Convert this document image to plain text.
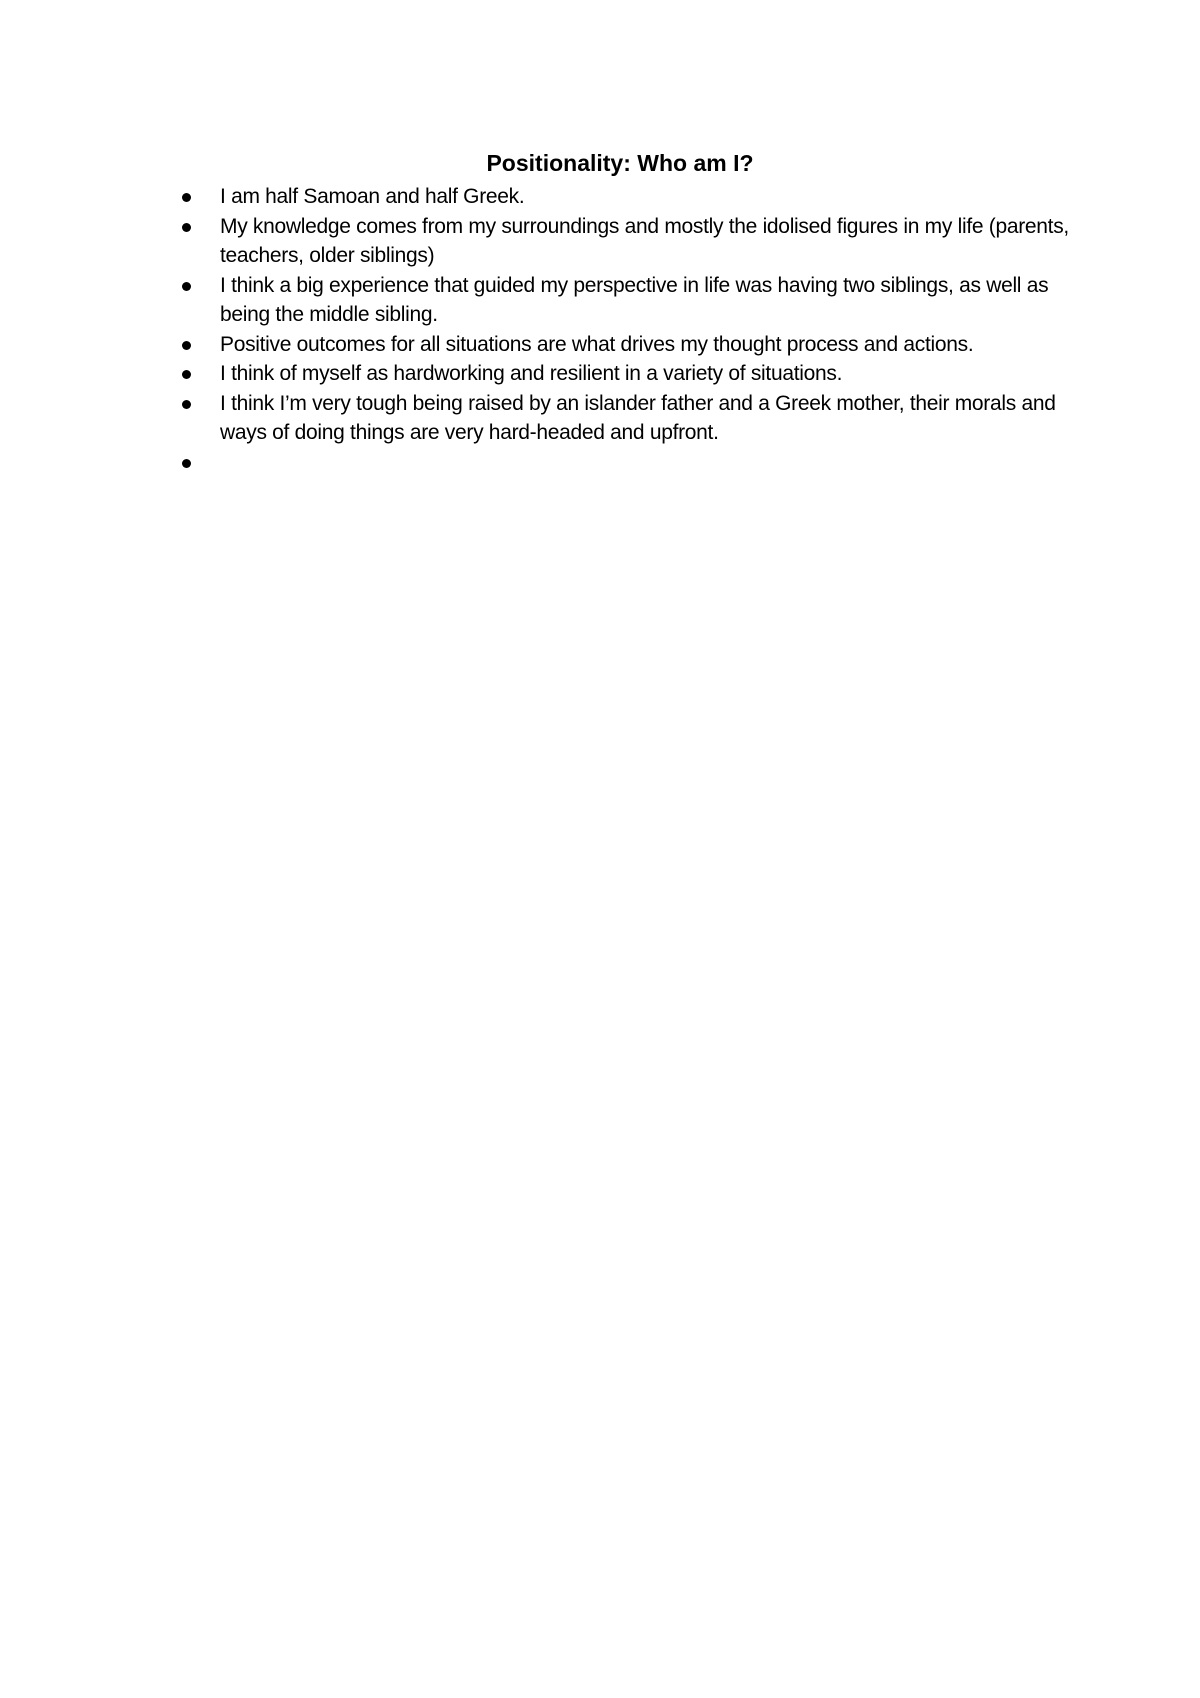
Positionality: Who am I?
I am half Samoan and half Greek.
My knowledge comes from my surroundings and mostly the idolised figures in my life (parents, teachers, older siblings)
I think a big experience that guided my perspective in life was having two siblings, as well as being the middle sibling.
Positive outcomes for all situations are what drives my thought process and actions.
I think of myself as hardworking and resilient in a variety of situations.
I think I’m very tough being raised by an islander father and a Greek mother, their morals and ways of doing things are very hard-headed and upfront.
